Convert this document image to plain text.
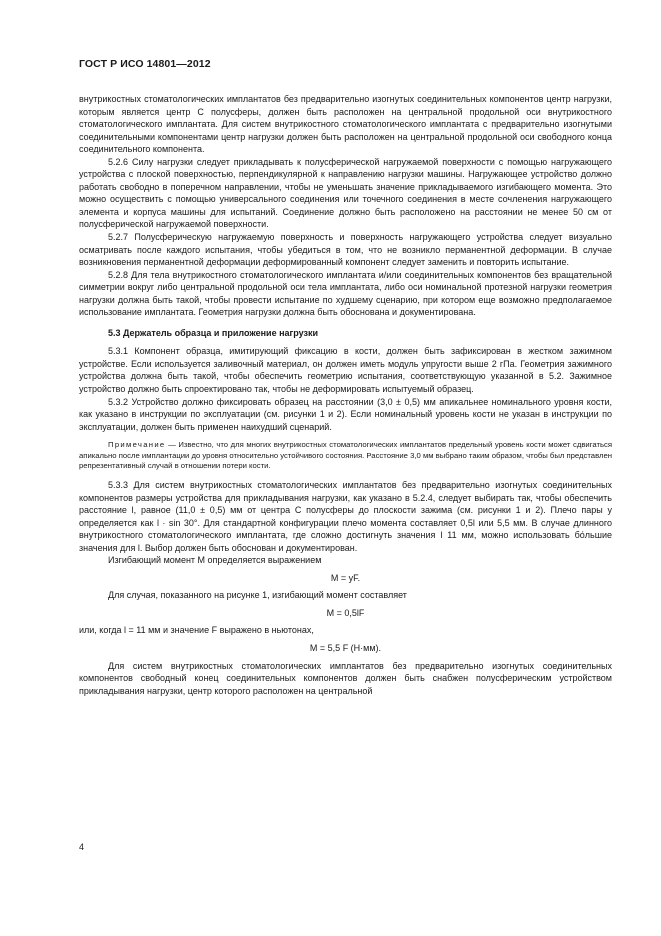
ГОСТ Р ИСО 14801—2012

внутрикостных стоматологических имплантатов без предварительно изогнутых соединительных компонентов центр нагрузки, которым является центр C полусферы, должен быть расположен на центральной продольной оси внутрикостного стоматологического имплантата. Для систем внутрикостного стоматологического имплантата с предварительно изогнутыми соединительными компонентами центр нагрузки должен быть расположен на центральной продольной оси свободного конца соединительного компонента.

5.2.6 Силу нагрузки следует прикладывать к полусферической нагружаемой поверхности с помощью нагружающего устройства с плоской поверхностью, перпендикулярной к направлению нагрузки машины. Нагружающее устройство должно работать свободно в поперечном направлении, чтобы не уменьшать значение прикладываемого изгибающего момента. Это можно осуществить с помощью универсального соединения или точечного соединения в месте сочленения нагружающего элемента и корпуса машины для испытаний. Соединение должно быть расположено на расстоянии не менее 50 см от полусферической нагружаемой поверхности.

5.2.7 Полусферическую нагружаемую поверхность и поверхность нагружающего устройства следует визуально осматривать после каждого испытания, чтобы убедиться в том, что не возникло перманентной деформации. В случае возникновения перманентной деформации деформированный компонент следует заменить и повторить испытание.

5.2.8 Для тела внутрикостного стоматологического имплантата и/или соединительных компонентов без вращательной симметрии вокруг либо центральной продольной оси тела имплантата, либо оси номинальной протезной нагрузки геометрия нагрузки должна быть такой, чтобы провести испытание по худшему сценарию, при котором еще возможно предполагаемое использование имплантата. Геометрия нагрузки должна быть обоснована и документирована.

5.3 Держатель образца и приложение нагрузки

5.3.1 Компонент образца, имитирующий фиксацию в кости, должен быть зафиксирован в жестком зажимном устройстве. Если используется заливочный материал, он должен иметь модуль упругости выше 2 гПа. Геометрия зажимного устройства должна быть такой, чтобы обеспечить геометрию испытания, соответствующую указанной в 5.2. Зажимное устройство должно быть спроектировано так, чтобы не деформировать испытуемый образец.

5.3.2 Устройство должно фиксировать образец на расстоянии (3,0 ± 0,5) мм апикальнее номинального уровня кости, как указано в инструкции по эксплуатации (см. рисунки 1 и 2). Если номинальный уровень кости не указан в инструкции по эксплуатации, должен быть применен наихудший сценарий.

Примечание — Известно, что для многих внутрикостных стоматологических имплантатов предельный уровень кости может сдвигаться апикально после имплантации до уровня относительно устойчивого состояния. Расстояние 3,0 мм выбрано таким образом, чтобы был представлен репрезентативный случай в отношении потери кости.

5.3.3 Для систем внутрикостных стоматологических имплантатов без предварительно изогнутых соединительных компонентов размеры устройства для прикладывания нагрузки, как указано в 5.2.4, следует выбирать так, чтобы обеспечить расстояние l, равное (11,0 ± 0,5) мм от центра C полусферы до плоскости зажима (см. рисунки 1 и 2). Плечо пары y определяется как l · sin 30°. Для стандартной конфигурации плечо момента составляет 0,5l или 5,5 мм. В случае длинного внутрикостного стоматологического имплантата, где сложно достигнуть значения l 11 мм, можно использовать бо́льшие значения для l. Выбор должен быть обоснован и документирован.

Изгибающий момент M определяется выражением

M = yF.

Для случая, показанного на рисунке 1, изгибающий момент составляет

M = 0,5lF

или, когда l = 11 мм и значение F выражено в ньютонах,

M = 5,5 F (Н·мм).

Для систем внутрикостных стоматологических имплантатов без предварительно изогнутых соединительных компонентов свободный конец соединительных компонентов должен быть снабжен полусферическим устройством прикладывания нагрузки, центр которого расположен на центральной

4
